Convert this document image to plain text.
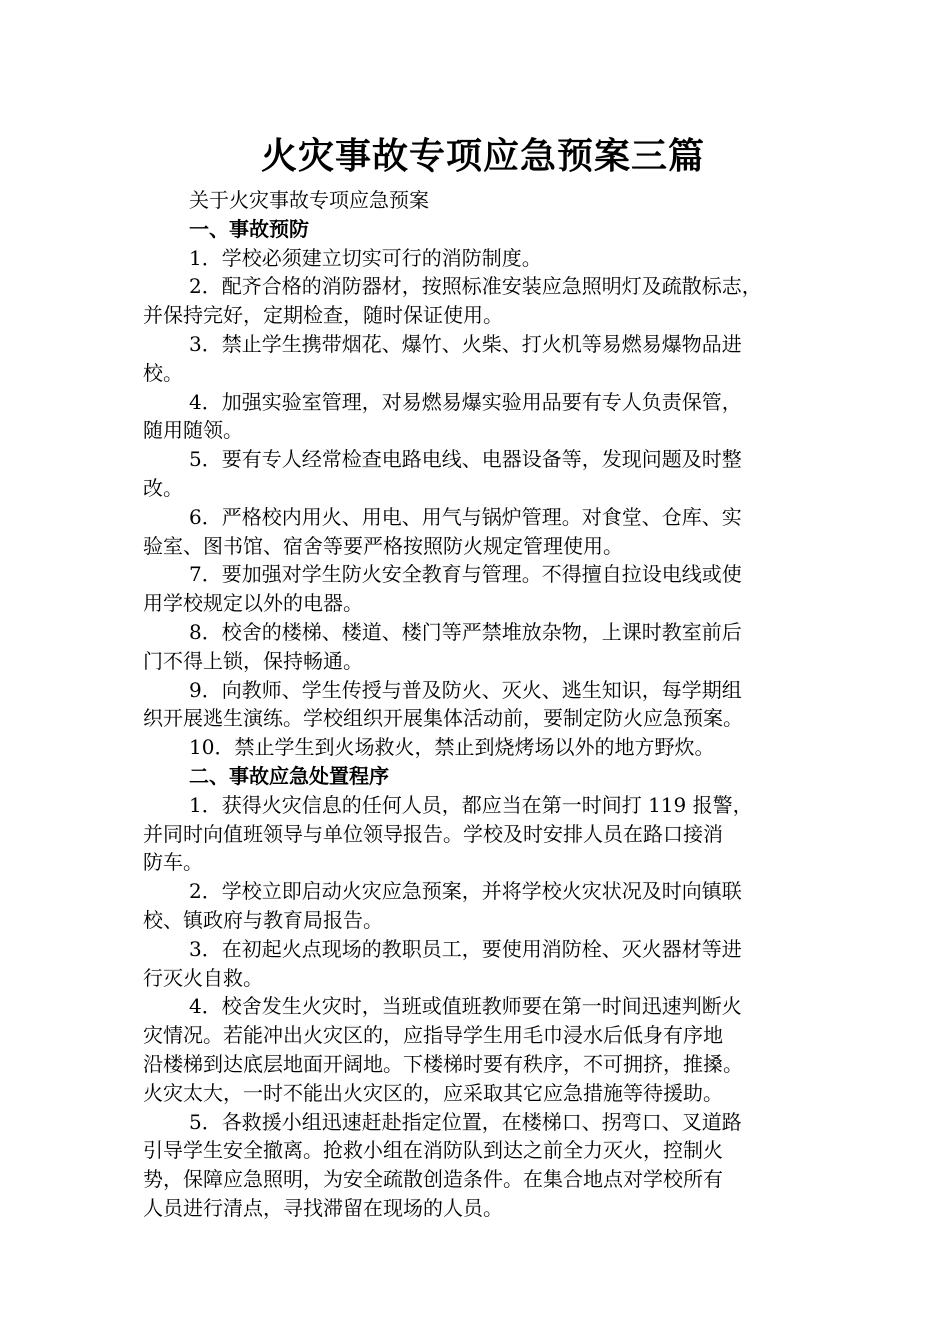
火灾事故专项应急预案三篇

关于火灾事故专项应急预案

一、事故预防

1．学校必须建立切实可行的消防制度。

2．配齐合格的消防器材，按照标准安装应急照明灯及疏散标志，

并保持完好，定期检查，随时保证使用。

3．禁止学生携带烟花、爆竹、火柴、打火机等易燃易爆物品进

校。

4．加强实验室管理，对易燃易爆实验用品要有专人负责保管，

随用随领。

5．要有专人经常检查电路电线、电器设备等，发现问题及时整

改。

6．严格校内用火、用电、用气与锅炉管理。对食堂、仓库、实

验室、图书馆、宿舍等要严格按照防火规定管理使用。

7．要加强对学生防火安全教育与管理。不得擅自拉设电线或使

用学校规定以外的电器。

8．校舍的楼梯、楼道、楼门等严禁堆放杂物，上课时教室前后

门不得上锁，保持畅通。

9．向教师、学生传授与普及防火、灭火、逃生知识，每学期组

织开展逃生演练。学校组织开展集体活动前，要制定防火应急预案。

10．禁止学生到火场救火，禁止到烧烤场以外的地方野炊。

二、事故应急处置程序

1．获得火灾信息的任何人员，都应当在第一时间打 119 报警，

并同时向值班领导与单位领导报告。学校及时安排人员在路口接消

防车。

2．学校立即启动火灾应急预案，并将学校火灾状况及时向镇联

校、镇政府与教育局报告。

3．在初起火点现场的教职员工，要使用消防栓、灭火器材等进

行灭火自救。

4．校舍发生火灾时，当班或值班教师要在第一时间迅速判断火

灾情况。若能冲出火灾区的，应指导学生用毛巾浸水后低身有序地

沿楼梯到达底层地面开阔地。下楼梯时要有秩序，不可拥挤，推搡。

火灾太大，一时不能出火灾区的，应采取其它应急措施等待援助。

5．各救援小组迅速赶赴指定位置，在楼梯口、拐弯口、叉道路

引导学生安全撤离。抢救小组在消防队到达之前全力灭火，控制火

势，保障应急照明，为安全疏散创造条件。在集合地点对学校所有

人员进行清点，寻找滞留在现场的人员。
